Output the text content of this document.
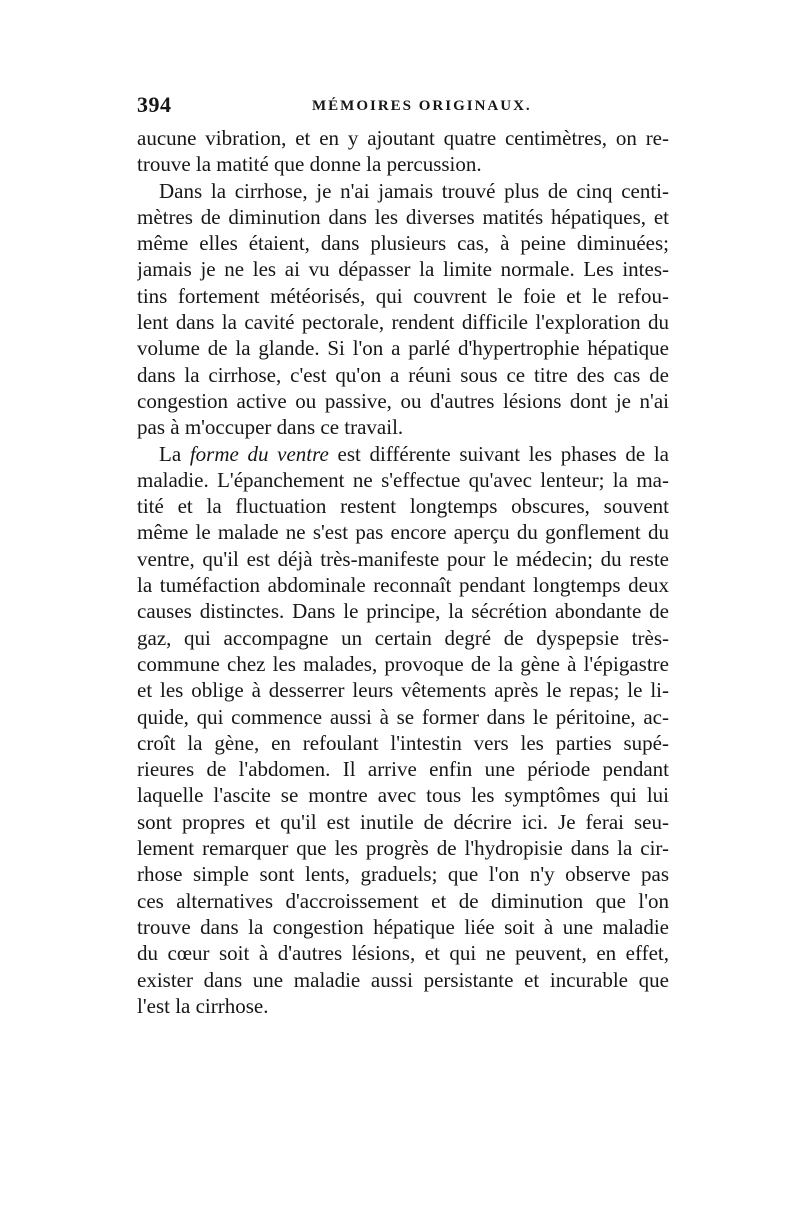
394	MÉMOIRES ORIGINAUX.
aucune vibration, et en y ajoutant quatre centimètres, on re-
trouve la matité que donne la percussion.
Dans la cirrhose, je n'ai jamais trouvé plus de cinq centi-
mètres de diminution dans les diverses matités hépatiques, et
même elles étaient, dans plusieurs cas, à peine diminuées;
jamais je ne les ai vu dépasser la limite normale. Les intes-
tins fortement météorisés, qui couvrent le foie et le refou-
lent dans la cavité pectorale, rendent difficile l'exploration du
volume de la glande. Si l'on a parlé d'hypertrophie hépatique
dans la cirrhose, c'est qu'on a réuni sous ce titre des cas de
congestion active ou passive, ou d'autres lésions dont je n'ai
pas à m'occuper dans ce travail.
La forme du ventre est différente suivant les phases de la
maladie. L'épanchement ne s'effectue qu'avec lenteur; la ma-
tité et la fluctuation restent longtemps obscures, souvent
même le malade ne s'est pas encore aperçu du gonflement du
ventre, qu'il est déjà très-manifeste pour le médecin; du reste
la tuméfaction abdominale reconnaît pendant longtemps deux
causes distinctes. Dans le principe, la sécrétion abondante de
gaz, qui accompagne un certain degré de dyspepsie très-
commune chez les malades, provoque de la gène à l'épigastre
et les oblige à desserrer leurs vêtements après le repas; le li-
quide, qui commence aussi à se former dans le péritoine, ac-
croît la gène, en refoulant l'intestin vers les parties supé-
rieures de l'abdomen. Il arrive enfin une période pendant
laquelle l'ascite se montre avec tous les symptômes qui lui
sont propres et qu'il est inutile de décrire ici. Je ferai seu-
lement remarquer que les progrès de l'hydropisie dans la cir-
rhose simple sont lents, graduels; que l'on n'y observe pas
ces alternatives d'accroissement et de diminution que l'on
trouve dans la congestion hépatique liée soit à une maladie
du cœur soit à d'autres lésions, et qui ne peuvent, en effet,
exister dans une maladie aussi persistante et incurable que
l'est la cirrhose.
